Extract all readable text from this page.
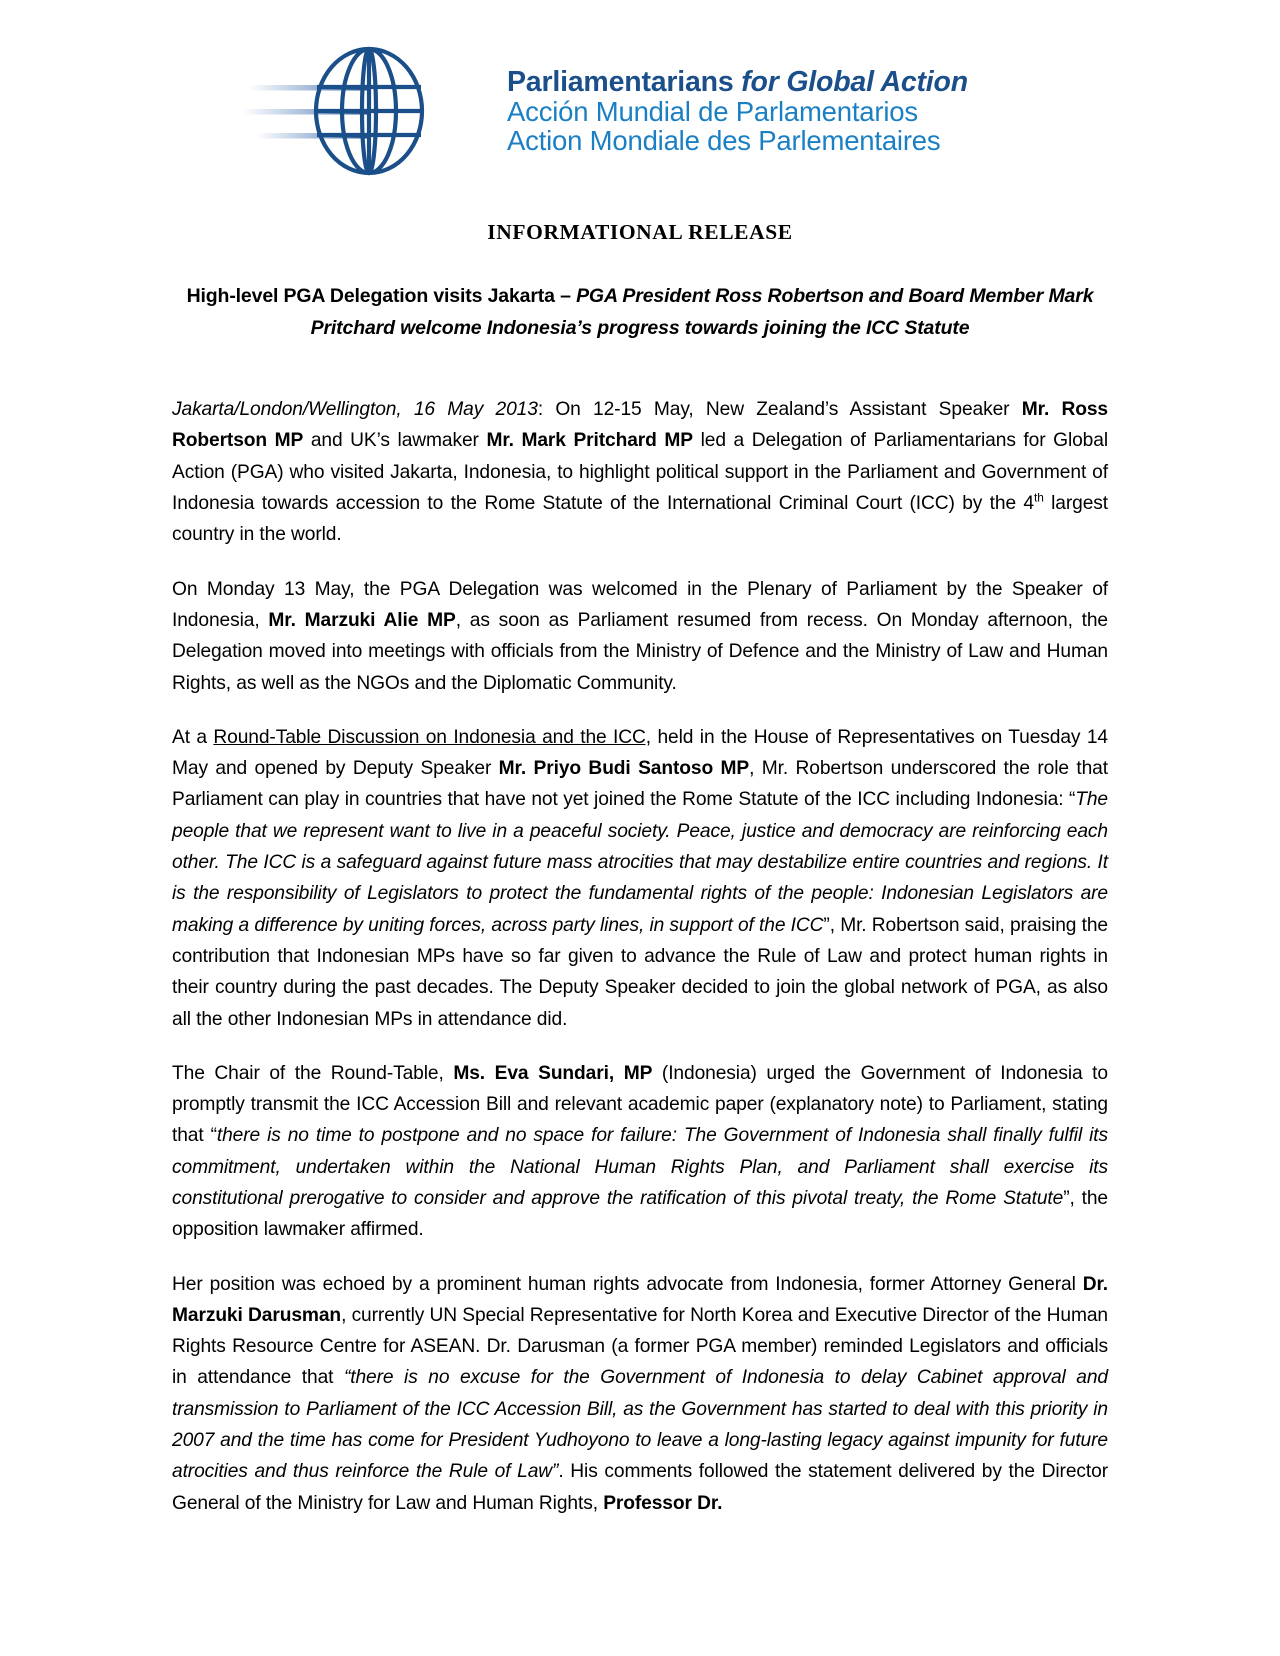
Parliamentarians for Global Action
Acción Mundial de Parlamentarios
Action Mondiale des Parlementaires
INFORMATIONAL RELEASE
High-level PGA Delegation visits Jakarta – PGA President Ross Robertson and Board Member Mark Pritchard welcome Indonesia’s progress towards joining the ICC Statute

Jakarta/London/Wellington, 16 May 2013: On 12-15 May, New Zealand’s Assistant Speaker Mr. Ross Robertson MP and UK’s lawmaker Mr. Mark Pritchard MP led a Delegation of Parliamentarians for Global Action (PGA) who visited Jakarta, Indonesia, to highlight political support in the Parliament and Government of Indonesia towards accession to the Rome Statute of the International Criminal Court (ICC) by the 4th largest country in the world.

On Monday 13 May, the PGA Delegation was welcomed in the Plenary of Parliament by the Speaker of Indonesia, Mr. Marzuki Alie MP, as soon as Parliament resumed from recess. On Monday afternoon, the Delegation moved into meetings with officials from the Ministry of Defence and the Ministry of Law and Human Rights, as well as the NGOs and the Diplomatic Community.

At a Round-Table Discussion on Indonesia and the ICC, held in the House of Representatives on Tuesday 14 May and opened by Deputy Speaker Mr. Priyo Budi Santoso MP, Mr. Robertson underscored the role that Parliament can play in countries that have not yet joined the Rome Statute of the ICC including Indonesia: “The people that we represent want to live in a peaceful society. Peace, justice and democracy are reinforcing each other. The ICC is a safeguard against future mass atrocities that may destabilize entire countries and regions. It is the responsibility of Legislators to protect the fundamental rights of the people: Indonesian Legislators are making a difference by uniting forces, across party lines, in support of the ICC”, Mr. Robertson said, praising the contribution that Indonesian MPs have so far given to advance the Rule of Law and protect human rights in their country during the past decades. The Deputy Speaker decided to join the global network of PGA, as also all the other Indonesian MPs in attendance did.

The Chair of the Round-Table, Ms. Eva Sundari, MP (Indonesia) urged the Government of Indonesia to promptly transmit the ICC Accession Bill and relevant academic paper (explanatory note) to Parliament, stating that “there is no time to postpone and no space for failure: The Government of Indonesia shall finally fulfil its commitment, undertaken within the National Human Rights Plan, and Parliament shall exercise its constitutional prerogative to consider and approve the ratification of this pivotal treaty, the Rome Statute”, the opposition lawmaker affirmed.

Her position was echoed by a prominent human rights advocate from Indonesia, former Attorney General Dr. Marzuki Darusman, currently UN Special Representative for North Korea and Executive Director of the Human Rights Resource Centre for ASEAN. Dr. Darusman (a former PGA member) reminded Legislators and officials in attendance that “there is no excuse for the Government of Indonesia to delay Cabinet approval and transmission to Parliament of the ICC Accession Bill, as the Government has started to deal with this priority in 2007 and the time has come for President Yudhoyono to leave a long-lasting legacy against impunity for future atrocities and thus reinforce the Rule of Law”. His comments followed the statement delivered by the Director General of the Ministry for Law and Human Rights, Professor Dr.
